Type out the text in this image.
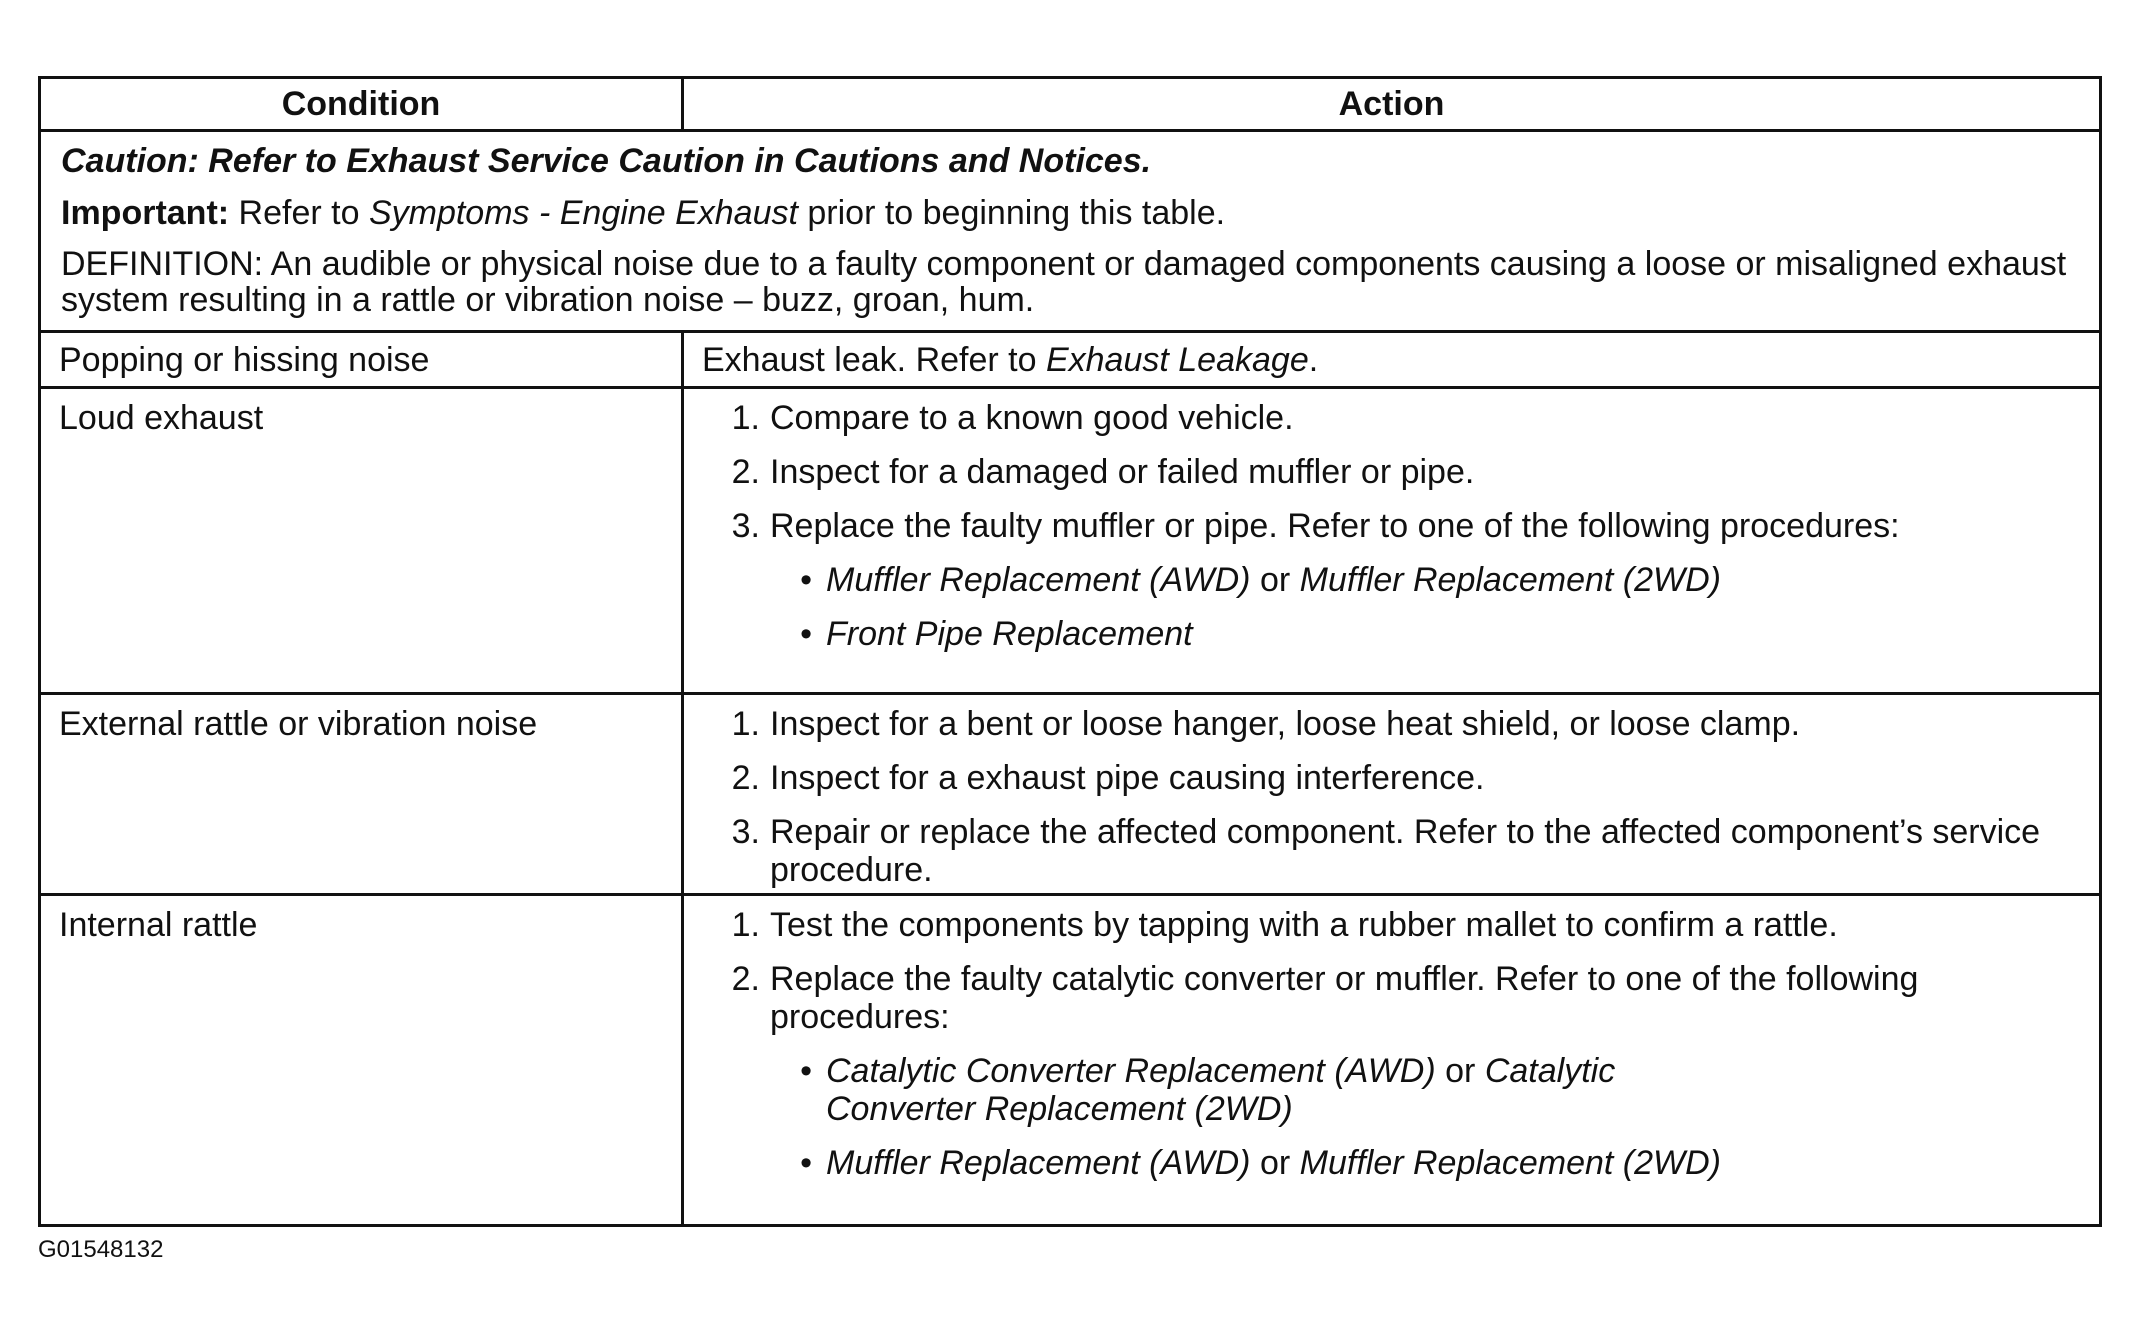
Condition	Action

Caution: Refer to Exhaust Service Caution in Cautions and Notices.

Important: Refer to Symptoms - Engine Exhaust prior to beginning this table.

DEFINITION: An audible or physical noise due to a faulty component or damaged components causing a loose or misaligned exhaust system resulting in a rattle or vibration noise – buzz, groan, hum.

Popping or hissing noise	Exhaust leak. Refer to Exhaust Leakage.
Loud exhaust	1. Compare to a known good vehicle.
2. Inspect for a damaged or failed muffler or pipe.
3. Replace the faulty muffler or pipe. Refer to one of the following procedures:
• Muffler Replacement (AWD) or Muffler Replacement (2WD)
• Front Pipe Replacement
External rattle or vibration noise	1. Inspect for a bent or loose hanger, loose heat shield, or loose clamp.
2. Inspect for a exhaust pipe causing interference.
3. Repair or replace the affected component. Refer to the affected component’s service procedure.
Internal rattle	1. Test the components by tapping with a rubber mallet to confirm a rattle.
2. Replace the faulty catalytic converter or muffler. Refer to one of the following procedures:
• Catalytic Converter Replacement (AWD) or Catalytic Converter Replacement (2WD)
• Muffler Replacement (AWD) or Muffler Replacement (2WD)
G01548132
